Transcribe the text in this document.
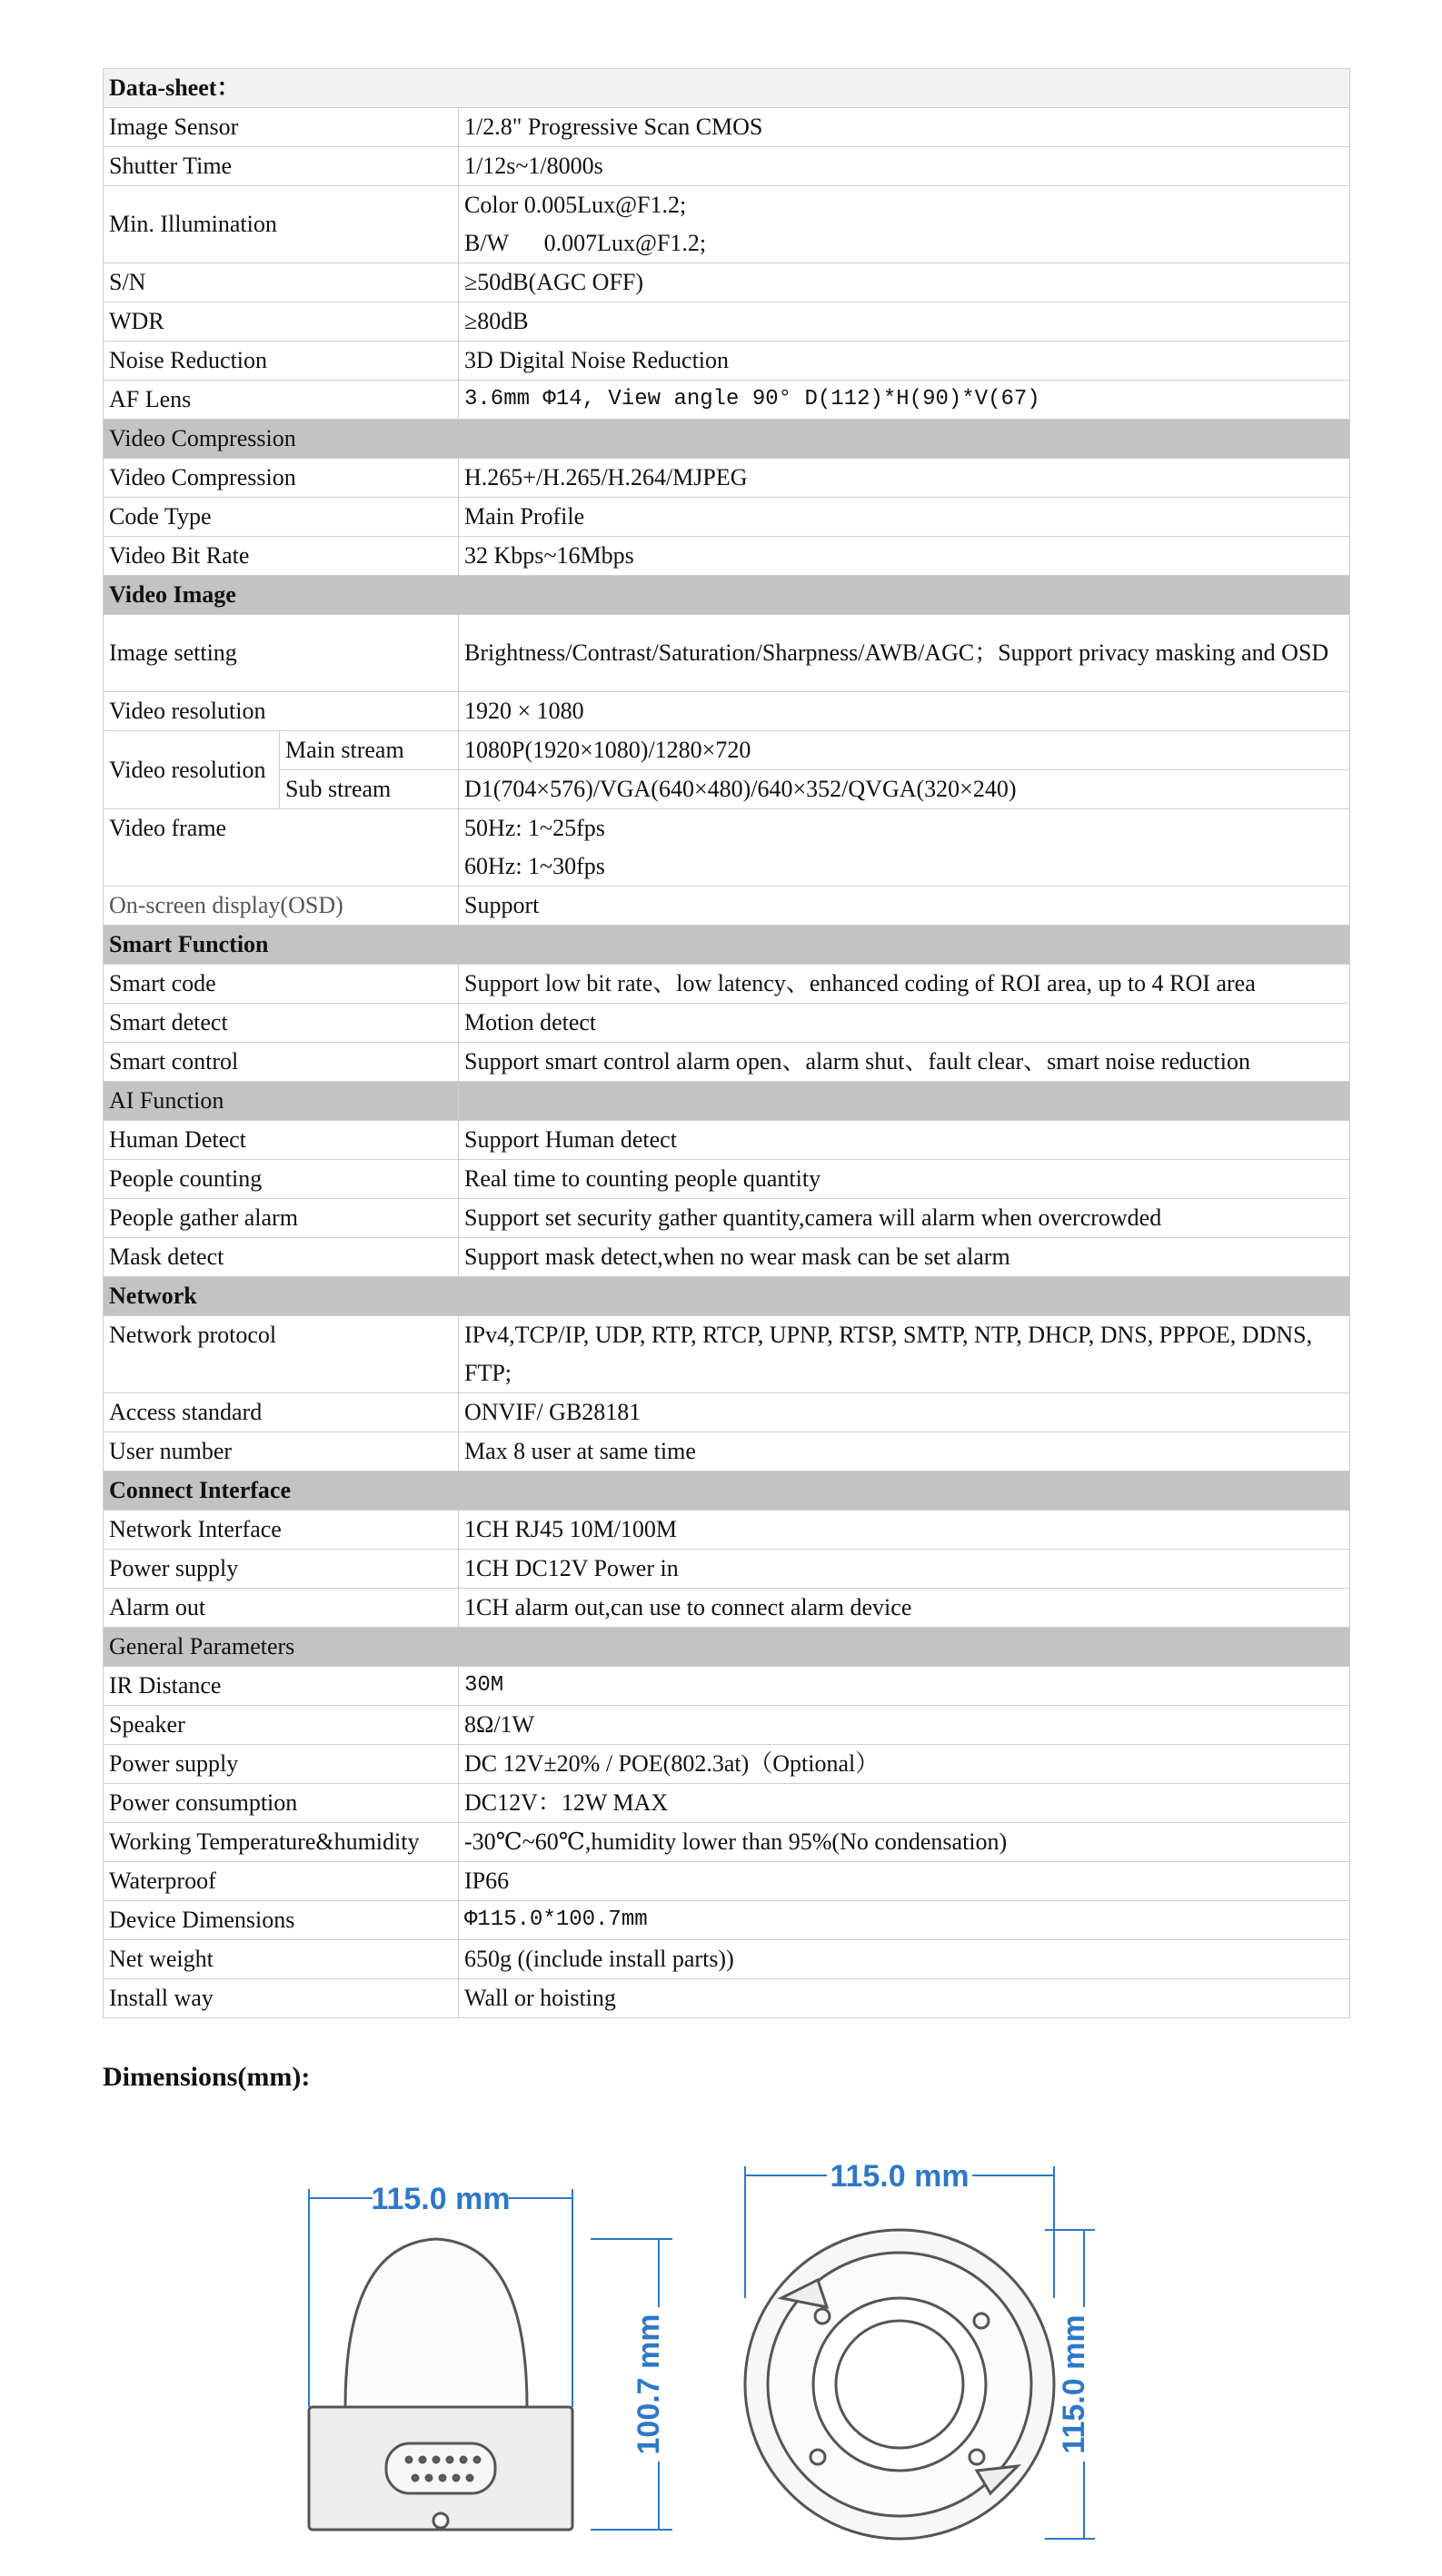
Data-sheet：		
Image Sensor		1/2.8" Progressive Scan CMOS
Shutter Time		1/12s~1/8000s
Min. Illumination		Color 0.005Lux@F1.2;
B/W      0.007Lux@F1.2;

S/N		≥50dB(AGC OFF)
WDR		≥80dB
Noise Reduction		3D Digital Noise Reduction
AF Lens		3.6mm Φ14, View angle 90° D(112)*H(90)*V(67)
Video Compression		
Video Compression		H.265+/H.265/H.264/MJPEG
Code Type		Main Profile
Video Bit Rate		32 Kbps~16Mbps
Video Image		
Image setting		Brightness/Contrast/Saturation/Sharpness/AWB/AGC；Support privacy masking and OSD
Video resolution		1920 × 1080
Video resolution	Main stream	1080P(1920×1080)/1280×720
	Sub stream	D1(704×576)/VGA(640×480)/640×352/QVGA(320×240)
Video frame		50Hz: 1~25fps
60Hz: 1~30fps

On-screen display(OSD)		Support
Smart Function		
Smart code		Support low bit rate、low latency、enhanced coding of ROI area, up to 4 ROI area
Smart detect		Motion detect
Smart control		Support smart control alarm open、alarm shut、fault clear、smart noise reduction
AI Function		
Human Detect		Support Human detect
People counting		Real time to counting people quantity
People gather alarm		Support set security gather quantity,camera will alarm when overcrowded
Mask detect		Support mask detect,when no wear mask can be set alarm
Network		
Network protocol		IPv4,TCP/IP, UDP, RTP, RTCP, UPNP, RTSP, SMTP, NTP, DHCP, DNS, PPPOE, DDNS, FTP;
Access standard		ONVIF/ GB28181
User number		Max 8 user at same time
Connect Interface		
Network Interface		1CH RJ45 10M/100M
Power supply		1CH DC12V Power in
Alarm out		1CH alarm out,can use to connect alarm device
General Parameters		
IR Distance		30M
Speaker		8Ω/1W
Power supply		DC 12V±20% / POE(802.3at)（Optional）
Power consumption		DC12V：12W MAX
Working Temperature&humidity		-30℃~60℃,humidity lower than 95%(No condensation)
Waterproof		IP66
Device Dimensions		Φ115.0*100.7mm
Net weight		650g ((include install parts))
Install way		Wall or hoisting
Dimensions(mm):
115.0 mm
100.7 mm
115.0 mm
115.0 mm
